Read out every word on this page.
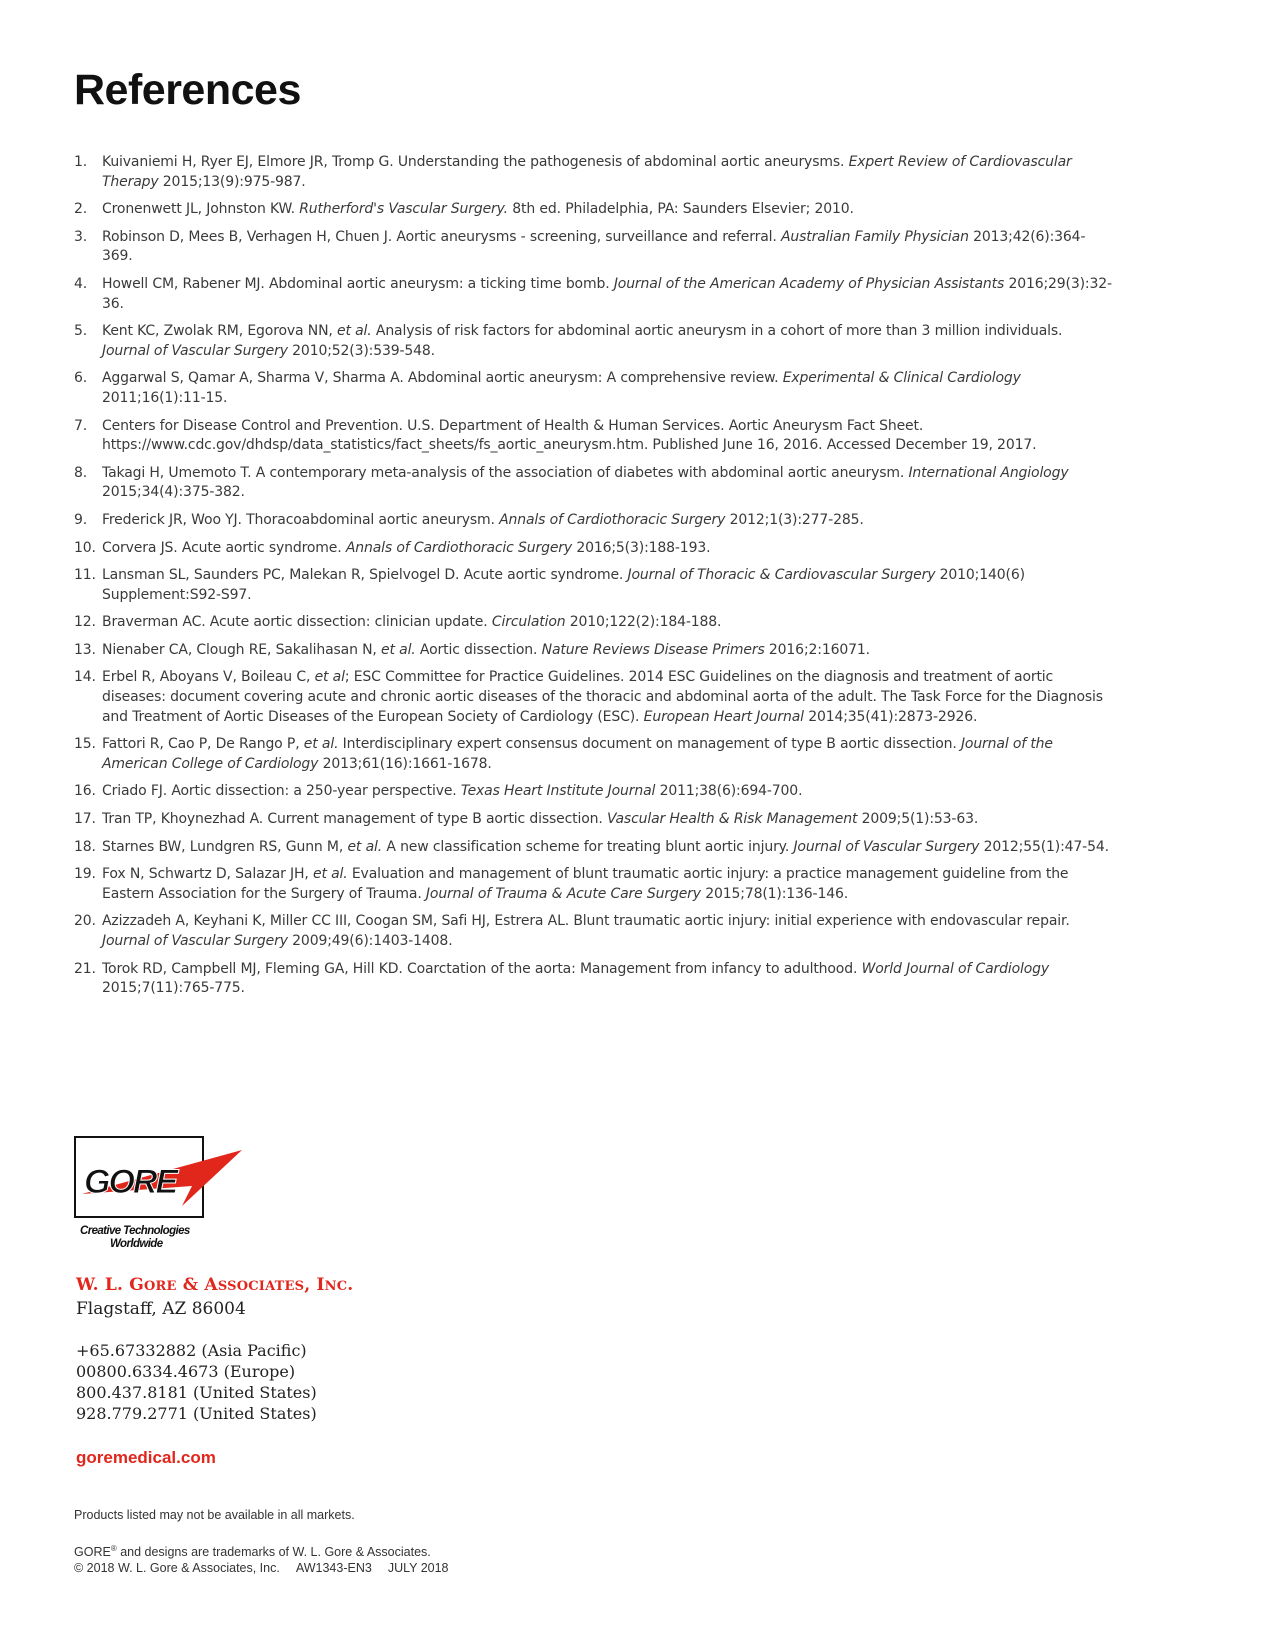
References
1. Kuivaniemi H, Ryer EJ, Elmore JR, Tromp G. Understanding the pathogenesis of abdominal aortic aneurysms. Expert Review of Cardiovascular Therapy 2015;13(9):975-987.
2. Cronenwett JL, Johnston KW. Rutherford's Vascular Surgery. 8th ed. Philadelphia, PA: Saunders Elsevier; 2010.
3. Robinson D, Mees B, Verhagen H, Chuen J. Aortic aneurysms - screening, surveillance and referral. Australian Family Physician 2013;42(6):364-369.
4. Howell CM, Rabener MJ. Abdominal aortic aneurysm: a ticking time bomb. Journal of the American Academy of Physician Assistants 2016;29(3):32-36.
5. Kent KC, Zwolak RM, Egorova NN, et al. Analysis of risk factors for abdominal aortic aneurysm in a cohort of more than 3 million individuals. Journal of Vascular Surgery 2010;52(3):539-548.
6. Aggarwal S, Qamar A, Sharma V, Sharma A. Abdominal aortic aneurysm: A comprehensive review. Experimental & Clinical Cardiology 2011;16(1):11-15.
7. Centers for Disease Control and Prevention. U.S. Department of Health & Human Services. Aortic Aneurysm Fact Sheet. https://www.cdc.gov/dhdsp/data_statistics/fact_sheets/fs_aortic_aneurysm.htm. Published June 16, 2016. Accessed December 19, 2017.
8. Takagi H, Umemoto T. A contemporary meta-analysis of the association of diabetes with abdominal aortic aneurysm. International Angiology 2015;34(4):375-382.
9. Frederick JR, Woo YJ. Thoracoabdominal aortic aneurysm. Annals of Cardiothoracic Surgery 2012;1(3):277-285.
10. Corvera JS. Acute aortic syndrome. Annals of Cardiothoracic Surgery 2016;5(3):188-193.
11. Lansman SL, Saunders PC, Malekan R, Spielvogel D. Acute aortic syndrome. Journal of Thoracic & Cardiovascular Surgery 2010;140(6) Supplement:S92-S97.
12. Braverman AC. Acute aortic dissection: clinician update. Circulation 2010;122(2):184-188.
13. Nienaber CA, Clough RE, Sakalihasan N, et al. Aortic dissection. Nature Reviews Disease Primers 2016;2:16071.
14. Erbel R, Aboyans V, Boileau C, et al; ESC Committee for Practice Guidelines. 2014 ESC Guidelines on the diagnosis and treatment of aortic diseases: document covering acute and chronic aortic diseases of the thoracic and abdominal aorta of the adult. The Task Force for the Diagnosis and Treatment of Aortic Diseases of the European Society of Cardiology (ESC). European Heart Journal 2014;35(41):2873-2926.
15. Fattori R, Cao P, De Rango P, et al. Interdisciplinary expert consensus document on management of type B aortic dissection. Journal of the American College of Cardiology 2013;61(16):1661-1678.
16. Criado FJ. Aortic dissection: a 250-year perspective. Texas Heart Institute Journal 2011;38(6):694-700.
17. Tran TP, Khoynezhad A. Current management of type B aortic dissection. Vascular Health & Risk Management 2009;5(1):53-63.
18. Starnes BW, Lundgren RS, Gunn M, et al. A new classification scheme for treating blunt aortic injury. Journal of Vascular Surgery 2012;55(1):47-54.
19. Fox N, Schwartz D, Salazar JH, et al. Evaluation and management of blunt traumatic aortic injury: a practice management guideline from the Eastern Association for the Surgery of Trauma. Journal of Trauma & Acute Care Surgery 2015;78(1):136-146.
20. Azizzadeh A, Keyhani K, Miller CC III, Coogan SM, Safi HJ, Estrera AL. Blunt traumatic aortic injury: initial experience with endovascular repair. Journal of Vascular Surgery 2009;49(6):1403-1408.
21. Torok RD, Campbell MJ, Fleming GA, Hill KD. Coarctation of the aorta: Management from infancy to adulthood. World Journal of Cardiology 2015;7(11):765-775.
GORE
Creative Technologies
Worldwide
W. L. GORE & ASSOCIATES, INC.
Flagstaff, AZ 86004
+65.67332882 (Asia Pacific)
00800.6334.4673 (Europe)
800.437.8181 (United States)
928.779.2771 (United States)
goremedical.com
Products listed may not be available in all markets.
GORE® and designs are trademarks of W. L. Gore & Associates.
© 2018 W. L. Gore & Associates, Inc. AW1343-EN3 JULY 2018
